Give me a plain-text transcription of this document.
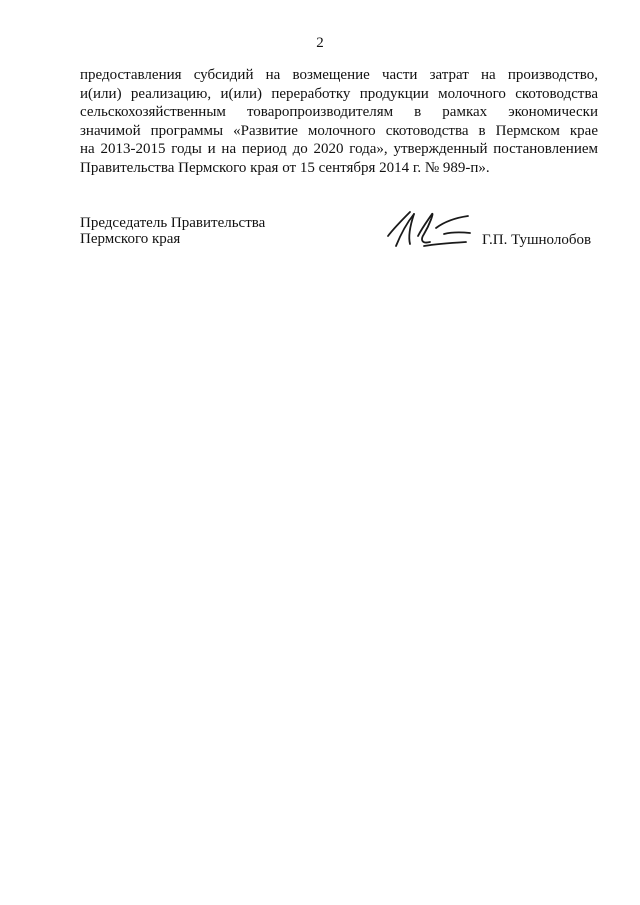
2
предоставления субсидий на возмещение части затрат на производство,
и(или) реализацию, и(или) переработку продукции молочного скотоводства
сельскохозяйственным товаропроизводителям в рамках экономически
значимой программы «Развитие молочного скотоводства в Пермском крае
на 2013-2015 годы и на период до 2020 года», утвержденный постановлением
Правительства Пермского края от 15 сентября 2014 г. № 989-п».
Председатель Правительства
Пермского края	Г.П. Тушнолобов
